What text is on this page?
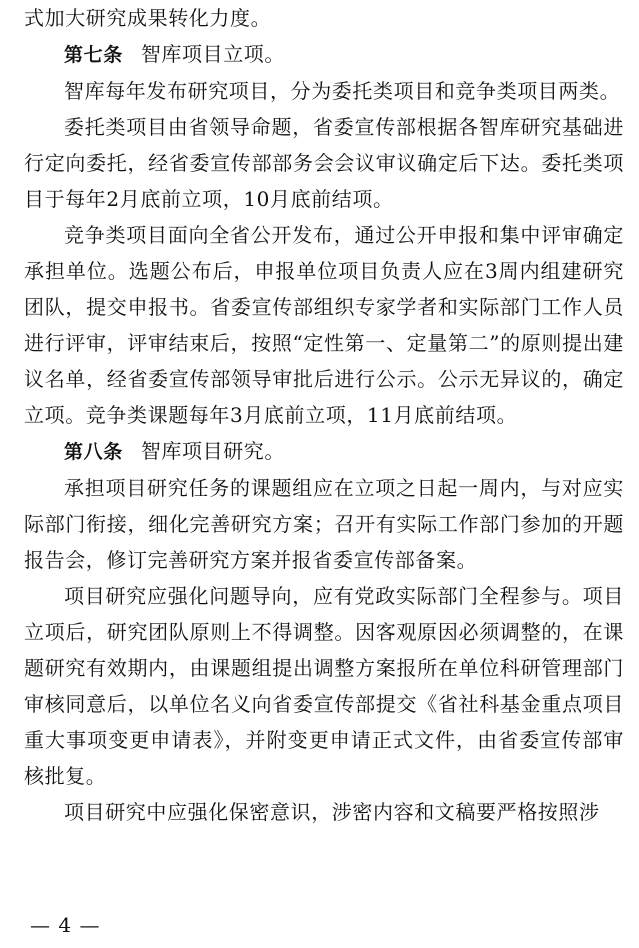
式加大研究成果转化力度。

第七条 智库项目立项。

智库每年发布研究项目，分为委托类项目和竞争类项目两类。

委托类项目由省领导命题，省委宣传部根据各智库研究基础进行定向委托，经省委宣传部部务会会议审议确定后下达。委托类项目于每年2月底前立项，10月底前结项。

竞争类项目面向全省公开发布，通过公开申报和集中评审确定承担单位。选题公布后，申报单位项目负责人应在3周内组建研究团队，提交申报书。省委宣传部组织专家学者和实际部门工作人员进行评审，评审结束后，按照“定性第一、定量第二”的原则提出建议名单，经省委宣传部领导审批后进行公示。公示无异议的，确定立项。竞争类课题每年3月底前立项，11月底前结项。

第八条 智库项目研究。

承担项目研究任务的课题组应在立项之日起一周内，与对应实际部门衔接，细化完善研究方案；召开有实际工作部门参加的开题报告会，修订完善研究方案并报省委宣传部备案。

项目研究应强化问题导向，应有党政实际部门全程参与。项目立项后，研究团队原则上不得调整。因客观原因必须调整的，在课题研究有效期内，由课题组提出调整方案报所在单位科研管理部门审核同意后，以单位名义向省委宣传部提交《省社科基金重点项目重大事项变更申请表》，并附变更申请正式文件，由省委宣传部审核批复。

项目研究中应强化保密意识，涉密内容和文稿要严格按照涉

— 4 —
